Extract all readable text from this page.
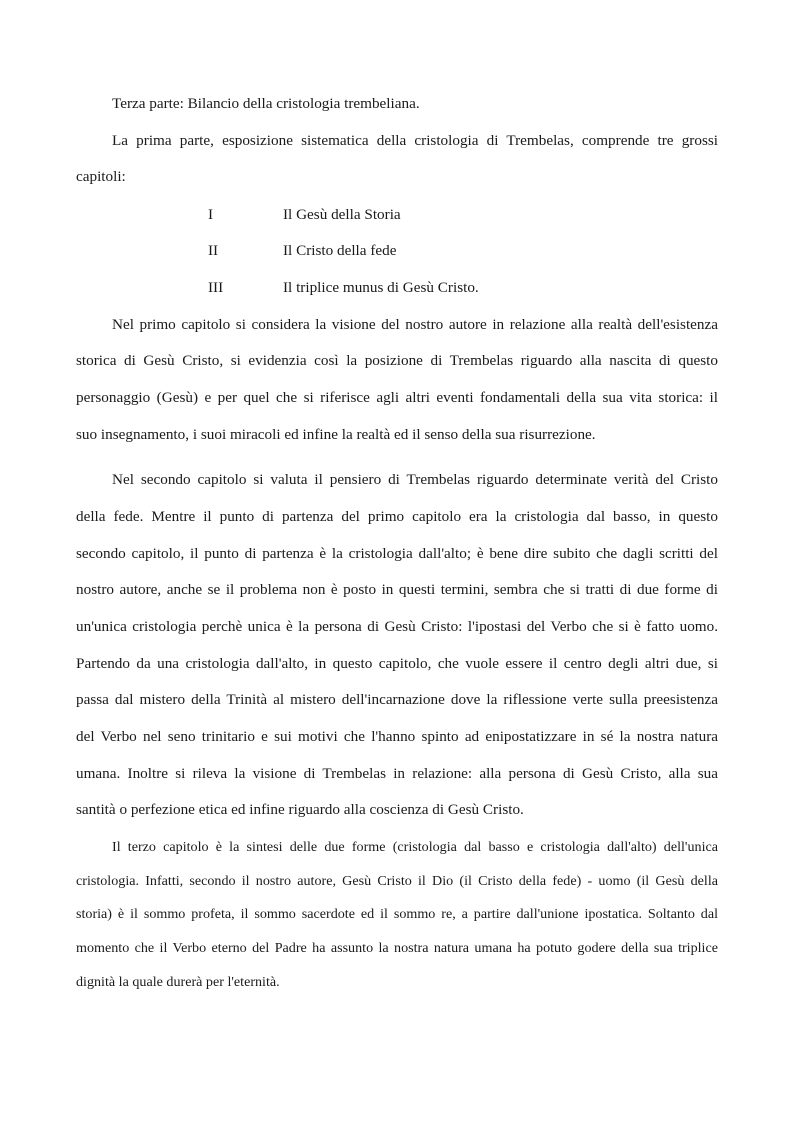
Terza parte: Bilancio della cristologia trembeliana.

La prima parte, esposizione sistematica della cristologia di Trembelas, comprende tre grossi

capitoli:

I	Il Gesù della Storia
II	Il Cristo della fede
III	Il triplice munus di Gesù Cristo.

Nel primo capitolo si considera la visione del nostro autore in relazione alla realtà dell'esistenza

storica di Gesù Cristo, si evidenzia così la posizione di Trembelas riguardo alla nascita di questo

personaggio (Gesù) e per quel che si riferisce agli altri eventi fondamentali della sua vita storica: il

suo insegnamento, i suoi miracoli ed infine la realtà ed il senso della sua risurrezione.

Nel secondo capitolo si valuta il pensiero di Trembelas riguardo determinate verità del Cristo

della fede. Mentre il punto di partenza del primo capitolo era la cristologia dal basso, in questo

secondo capitolo, il punto di partenza è la cristologia dall'alto; è bene dire subito che dagli scritti del

nostro autore, anche se il problema non è posto in questi termini, sembra che si tratti di due forme di

un'unica cristologia perchè unica è la persona di Gesù Cristo: l'ipostasi del Verbo che si è fatto uomo.

Partendo da una cristologia dall'alto, in questo capitolo, che vuole essere il centro degli altri due, si

passa dal mistero della Trinità al mistero dell'incarnazione dove la riflessione verte sulla preesistenza

del Verbo nel seno trinitario e sui motivi che l'hanno spinto ad enipostatizzare in sé la nostra natura

umana. Inoltre si rileva la visione di Trembelas in relazione: alla persona di Gesù Cristo, alla sua

santità o perfezione etica ed infine riguardo alla coscienza di Gesù Cristo.

Il terzo capitolo è la sintesi delle due forme (cristologia dal basso e cristologia dall'alto) dell'unica

cristologia. Infatti, secondo il nostro autore, Gesù Cristo il Dio (il Cristo della fede) - uomo (il Gesù della

storia) è il sommo profeta, il sommo sacerdote ed il sommo re, a partire dall'unione ipostatica. Soltanto dal

momento che il Verbo eterno del Padre ha assunto la nostra natura umana ha potuto godere della sua triplice

dignità la quale durerà per l'eternità.
